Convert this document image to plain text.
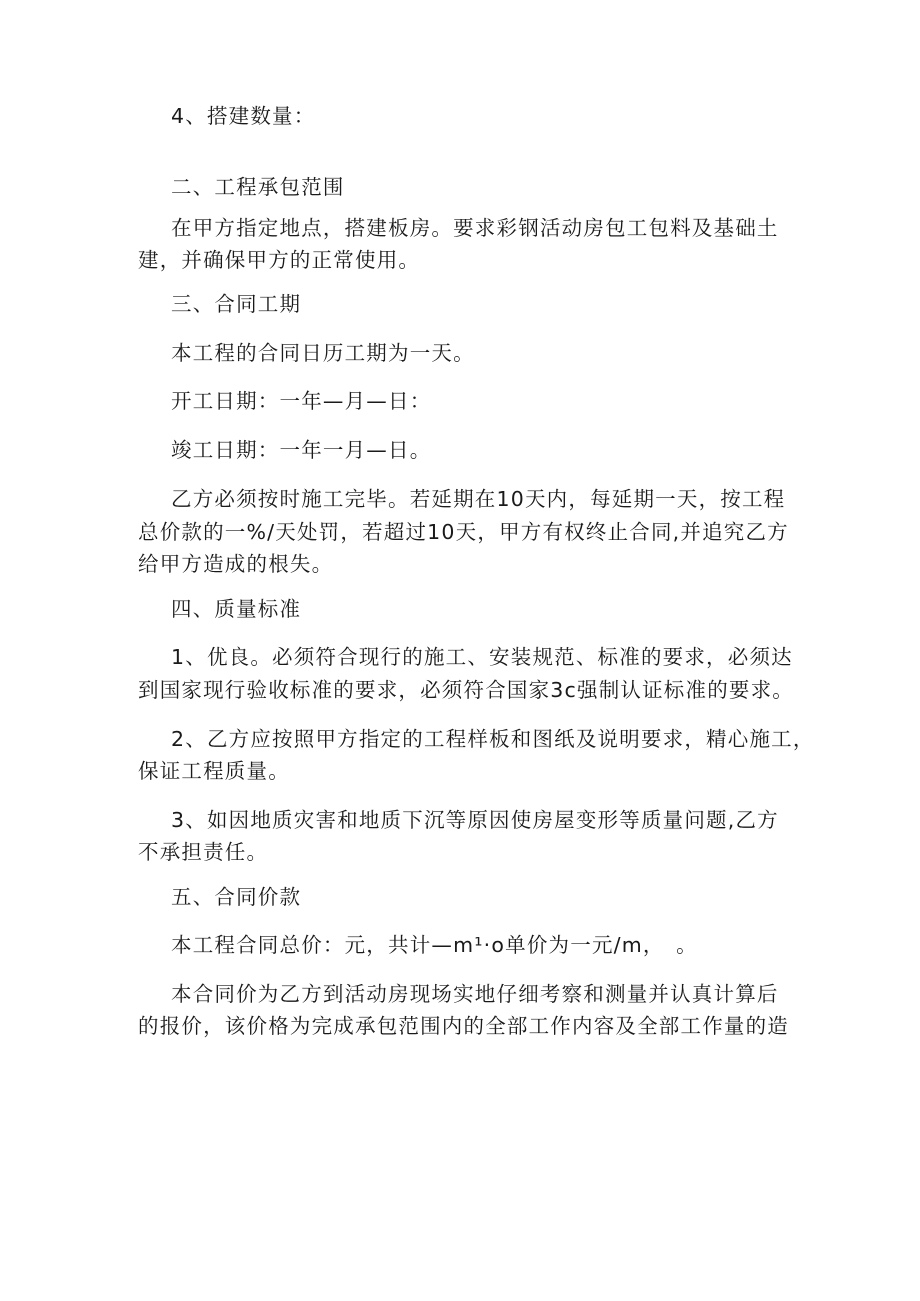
4、搭建数量：
二、工程承包范围
在甲方指定地点，搭建板房。要求彩钢活动房包工包料及基础土
建，并确保甲方的正常使用。
三、合同工期
本工程的合同日历工期为一天。
开工日期：一年—月—日：
竣工日期：一年一月—日。
乙方必须按时施工完毕。若延期在10天内，每延期一天，按工程
总价款的一%/天处罚，若超过10天，甲方有权终止合同,并追究乙方
给甲方造成的根失。
四、质量标准
1、优良。必须符合现行的施工、安装规范、标准的要求，必须达
到国家现行验收标准的要求，必须符合国家3c强制认证标准的要求。
2、乙方应按照甲方指定的工程样板和图纸及说明要求，精心施工，
保证工程质量。
3、如因地质灾害和地质下沉等原因使房屋变形等质量问题,乙方
不承担责任。
五、合同价款
本工程合同总价：元，共计—m¹·o单价为一元/m，　。
本合同价为乙方到活动房现场实地仔细考察和测量并认真计算后
的报价，该价格为完成承包范围内的全部工作内容及全部工作量的造
